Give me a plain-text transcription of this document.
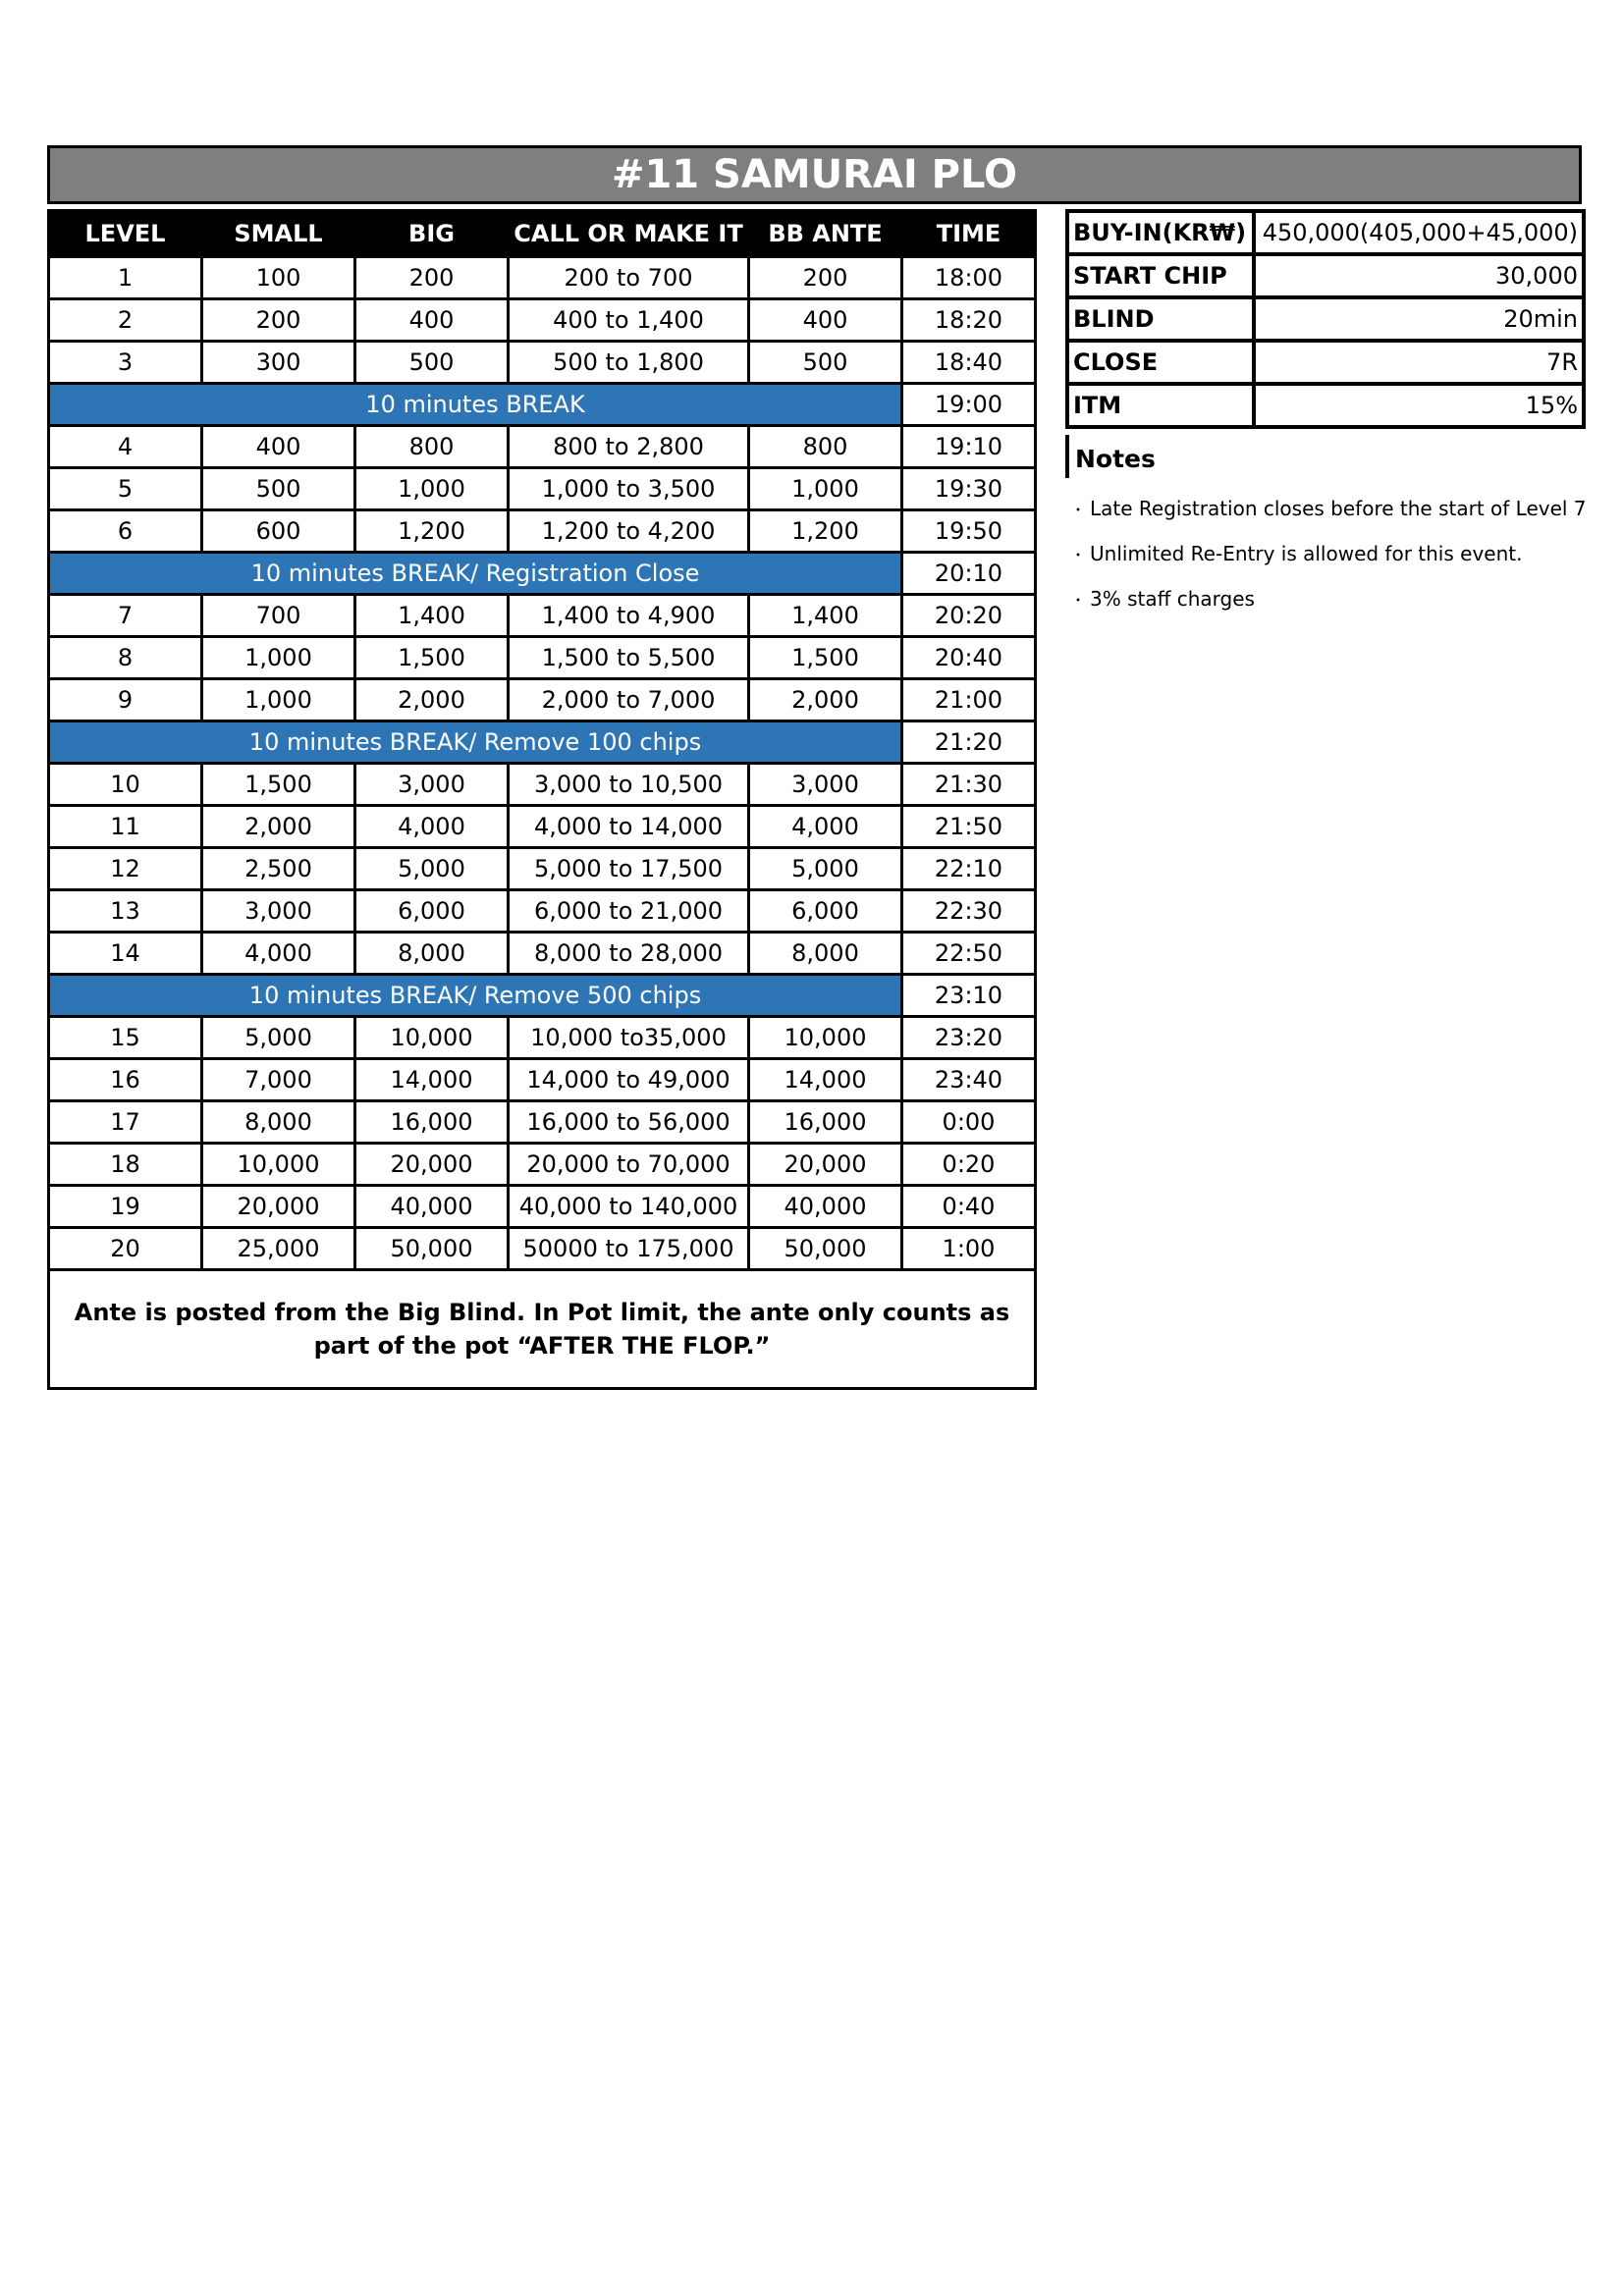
#11 SAMURAI PLO
LEVEL	SMALL	BIG	CALL OR MAKE IT	BB ANTE	TIME
1	100	200	200 to 700	200	18:00
2	200	400	400 to 1,400	400	18:20
3	300	500	500 to 1,800	500	18:40
10 minutes BREAK					19:00
4	400	800	800 to 2,800	800	19:10
5	500	1,000	1,000 to 3,500	1,000	19:30
6	600	1,200	1,200 to 4,200	1,200	19:50
10 minutes BREAK/ Registration Close					20:10
7	700	1,400	1,400 to 4,900	1,400	20:20
8	1,000	1,500	1,500 to 5,500	1,500	20:40
9	1,000	2,000	2,000 to 7,000	2,000	21:00
10 minutes BREAK/ Remove 100 chips					21:20
10	1,500	3,000	3,000 to 10,500	3,000	21:30
11	2,000	4,000	4,000 to 14,000	4,000	21:50
12	2,500	5,000	5,000 to 17,500	5,000	22:10
13	3,000	6,000	6,000 to 21,000	6,000	22:30
14	4,000	8,000	8,000 to 28,000	8,000	22:50
10 minutes BREAK/ Remove 500 chips					23:10
15	5,000	10,000	10,000 to35,000	10,000	23:20
16	7,000	14,000	14,000 to 49,000	14,000	23:40
17	8,000	16,000	16,000 to 56,000	16,000	0:00
18	10,000	20,000	20,000 to 70,000	20,000	0:20
19	20,000	40,000	40,000 to 140,000	40,000	0:40
20	25,000	50,000	50000 to 175,000	50,000	1:00
Ante is posted from the Big Blind. In Pot limit, the ante only counts as part of the pot “AFTER THE FLOP.”					
BUY-IN(KR₩)	450,000(405,000+45,000)
START CHIP	30,000
BLIND	20min
CLOSE	7R
ITM	15%
Notes
・ Late Registration closes before the start of Level 7
・ Unlimited Re-Entry is allowed for this event.
・ 3% staff charges
